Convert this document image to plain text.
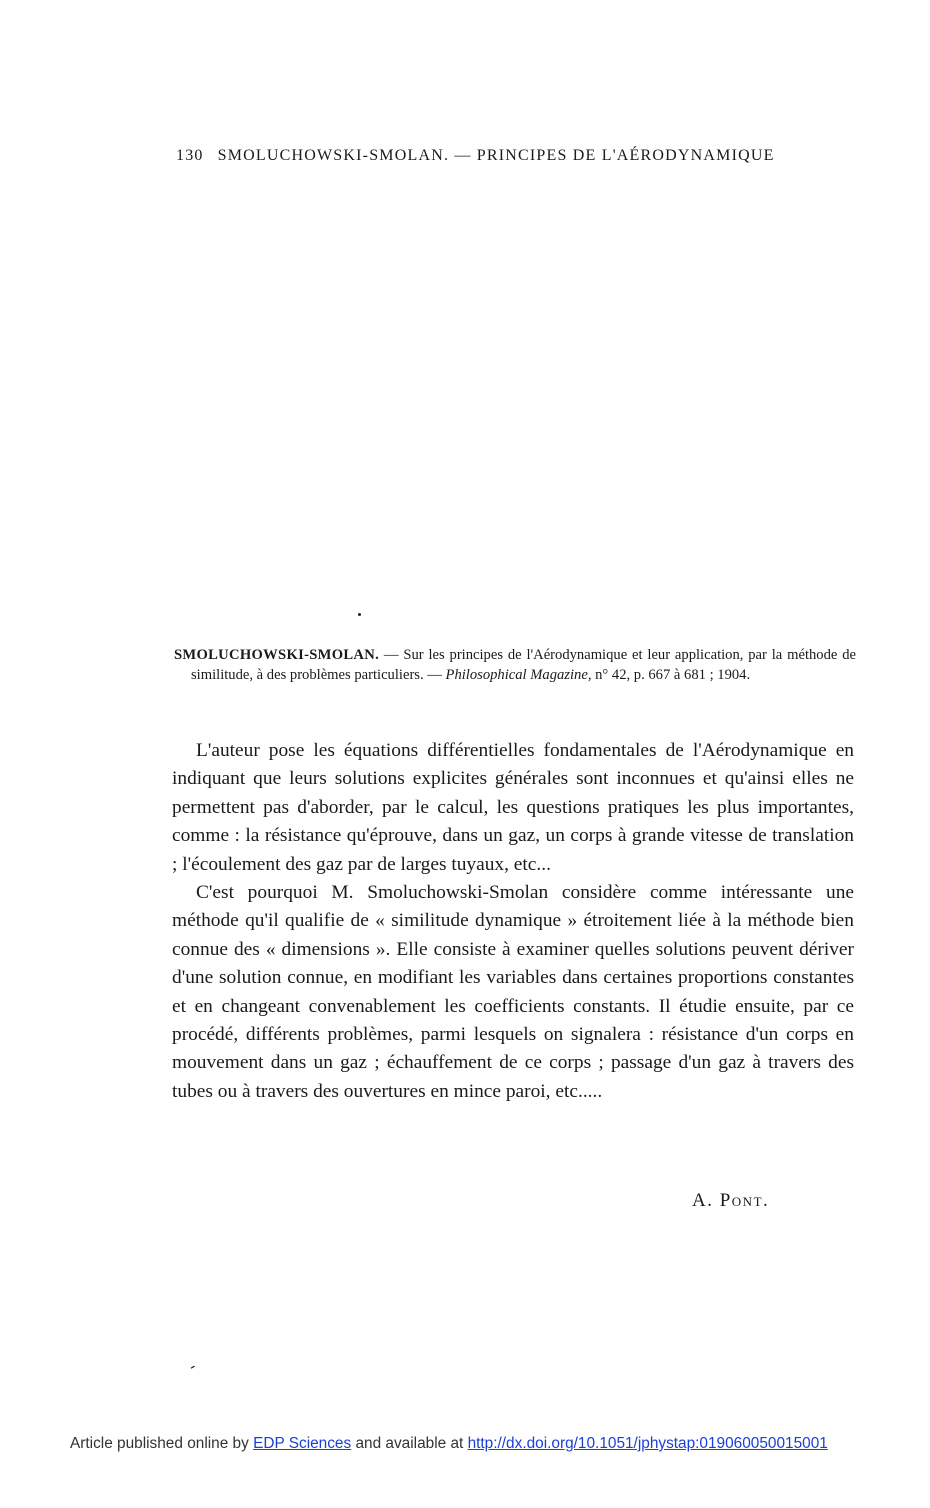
130 SMOLUCHOWSKI-SMOLAN. — PRINCIPES DE L'AÉRODYNAMIQUE
SMOLUCHOWSKI-SMOLAN. — Sur les principes de l'Aérodynamique et leur application, par la méthode de similitude, à des problèmes particuliers. — Philosophical Magazine, n° 42, p. 667 à 681 ; 1904.

L'auteur pose les équations différentielles fondamentales de l'Aérodynamique en indiquant que leurs solutions explicites générales sont inconnues et qu'ainsi elles ne permettent pas d'aborder, par le calcul, les questions pratiques les plus importantes, comme : la résistance qu'éprouve, dans un gaz, un corps à grande vitesse de translation ; l'écoulement des gaz par de larges tuyaux, etc...

C'est pourquoi M. Smoluchowski-Smolan considère comme intéressante une méthode qu'il qualifie de « similitude dynamique » étroitement liée à la méthode bien connue des « dimensions ». Elle consiste à examiner quelles solutions peuvent dériver d'une solution connue, en modifiant les variables dans certaines proportions constantes et en changeant convenablement les coefficients constants. Il étudie ensuite, par ce procédé, différents problèmes, parmi lesquels on signalera : résistance d'un corps en mouvement dans un gaz ; échauffement de ce corps ; passage d'un gaz à travers des tubes ou à travers des ouvertures en mince paroi, etc.....

A. Pont.
-
Article published online by EDP Sciences and available at http://dx.doi.org/10.1051/jphystap:019060050015001
